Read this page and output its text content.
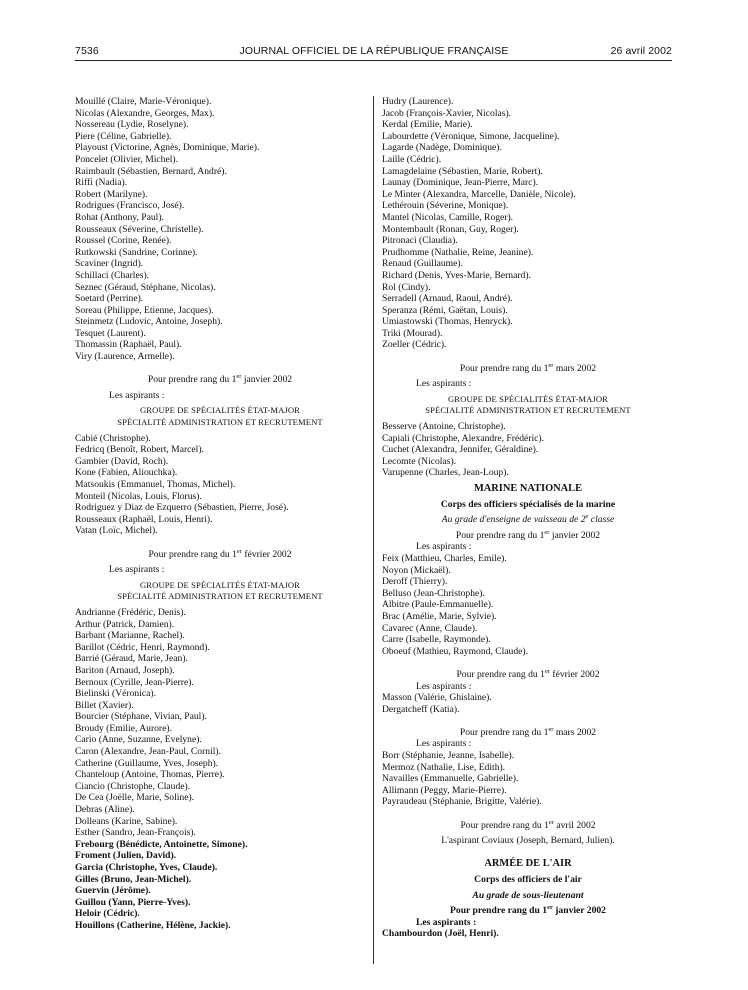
7536	JOURNAL OFFICIEL DE LA RÉPUBLIQUE FRANÇAISE	26 avril 2002
Mouillé (Claire, Marie-Véronique).
Nicolas (Alexandre, Georges, Max).
Nossereau (Lydie, Roselyne).
Piere (Céline, Gabrielle).
Playoust (Victorine, Agnès, Dominique, Marie).
Poncelet (Olivier, Michel).
Raimbault (Sébastien, Bernard, André).
Riffi (Nadia).
Robert (Marilyne).
Rodrigues (Francisco, José).
Rohat (Anthony, Paul).
Rousseaux (Séverine, Christelle).
Roussel (Corine, Renée).
Rutkowski (Sandrine, Corinne).
Scaviner (Ingrid).
Schillaci (Charles).
Seznec (Géraud, Stéphane, Nicolas).
Soetard (Perrine).
Soreau (Philippe, Etienne, Jacques).
Steinmetz (Ludovic, Antoine, Joseph).
Tesquet (Laurent).
Thomassin (Raphaël, Paul).
Viry (Laurence, Armelle).
Pour prendre rang du 1er janvier 2002
Les aspirants :
GROUPE DE SPÉCIALITÉS ÉTAT-MAJOR
SPÉCIALITÉ ADMINISTRATION ET RECRUTEMENT
Cabié (Christophe).
Fedricq (Benoît, Robert, Marcel).
Gambier (David, Roch).
Kone (Fabien, Aliouchka).
Matsoukis (Emmanuel, Thomas, Michel).
Monteil (Nicolas, Louis, Florus).
Rodriguez y Diaz de Ezquerro (Sébastien, Pierre, José).
Rousseaux (Raphaël, Louis, Henri).
Vatan (Loïc, Michel).
Pour prendre rang du 1er février 2002
Les aspirants :
GROUPE DE SPÉCIALITÉS ÉTAT-MAJOR
SPÉCIALITÉ ADMINISTRATION ET RECRUTEMENT
Andrianne (Frédéric, Denis).
Arthur (Patrick, Damien).
Barbant (Marianne, Rachel).
Barillot (Cédric, Henri, Raymond).
Barrié (Géraud, Marie, Jean).
Bariton (Arnaud, Joseph).
Bernoux (Cyrille, Jean-Pierre).
Bielinski (Véronica).
Billet (Xavier).
Bourcier (Stéphane, Vivian, Paul).
Broudy (Emilie, Aurore).
Cario (Anne, Suzanne, Evelyne).
Caron (Alexandre, Jean-Paul, Cornil).
Catherine (Guillaume, Yves, Joseph).
Chanteloup (Antoine, Thomas, Pierre).
Ciancio (Christophe, Claude).
De Cea (Joëlle, Marie, Soline).
Debras (Aline).
Dolleans (Karine, Sabine).
Esther (Sandro, Jean-François).
Frebourg (Bénédicte, Antoinette, Simone).
Froment (Julien, David).
Garcia (Christophe, Yves, Claude).
Gilles (Bruno, Jean-Michel).
Guervin (Jérôme).
Guillou (Yann, Pierre-Yves).
Heloir (Cédric).
Houillons (Catherine, Hélène, Jackie).
Hudry (Laurence).
Jacob (François-Xavier, Nicolas).
Kerdal (Emilie, Marie).
Labourdette (Véronique, Simone, Jacqueline).
Lagarde (Nadège, Dominique).
Laille (Cédric).
Lamagdelaine (Sébastien, Marie, Robert).
Launay (Dominique, Jean-Pierre, Marc).
Le Minter (Alexandra, Marcelle, Danièle, Nicole).
Lethérouin (Séverine, Monique).
Mantel (Nicolas, Camille, Roger).
Montembault (Ronan, Guy, Roger).
Pitronaci (Claudia).
Prudhomme (Nathalie, Reine, Jeanine).
Renaud (Guillaume).
Richard (Denis, Yves-Marie, Bernard).
Rol (Cindy).
Serradell (Arnaud, Raoul, André).
Speranza (Rémi, Gaëtan, Louis).
Umiastowski (Thomas, Henryck).
Triki (Mourad).
Zoeller (Cédric).
Pour prendre rang du 1er mars 2002
Les aspirants :
GROUPE DE SPÉCIALITÉS ÉTAT-MAJOR
SPÉCIALITÉ ADMINISTRATION ET RECRUTEMENT
Besserve (Antoine, Christophe).
Capiali (Christophe, Alexandre, Frédéric).
Cuchet (Alexandra, Jennifer, Géraldine).
Lecomte (Nicolas).
Varupenne (Charles, Jean-Loup).
MARINE NATIONALE
Corps des officiers spécialisés de la marine
Au grade d'enseigne de vaisseau de 2e classe
Pour prendre rang du 1er janvier 2002
Les aspirants :
Feix (Matthieu, Charles, Emile).
Noyon (Mickaël).
Deroff (Thierry).
Belluso (Jean-Christophe).
Albitre (Paule-Emmanuelle).
Brac (Amélie, Marie, Sylvie).
Cavarec (Anne, Claude).
Carre (Isabelle, Raymonde).
Oboeuf (Mathieu, Raymond, Claude).
Pour prendre rang du 1er février 2002
Les aspirants :
Masson (Valérie, Ghislaine).
Dergatcheff (Katia).
Pour prendre rang du 1er mars 2002
Les aspirants :
Borr (Stéphanie, Jeanne, Isabelle).
Mermoz (Nathalie, Lise, Edith).
Navailles (Emmanuelle, Gabrielle).
Allimann (Peggy, Marie-Pierre).
Payraudeau (Stéphanie, Brigitte, Valérie).
Pour prendre rang du 1er avril 2002
L'aspirant Coviaux (Joseph, Bernard, Julien).
ARMÉE DE L'AIR
Corps des officiers de l'air
Au grade de sous-lieutenant
Pour prendre rang du 1er janvier 2002
Les aspirants :
Chambourdon (Joël, Henri).
